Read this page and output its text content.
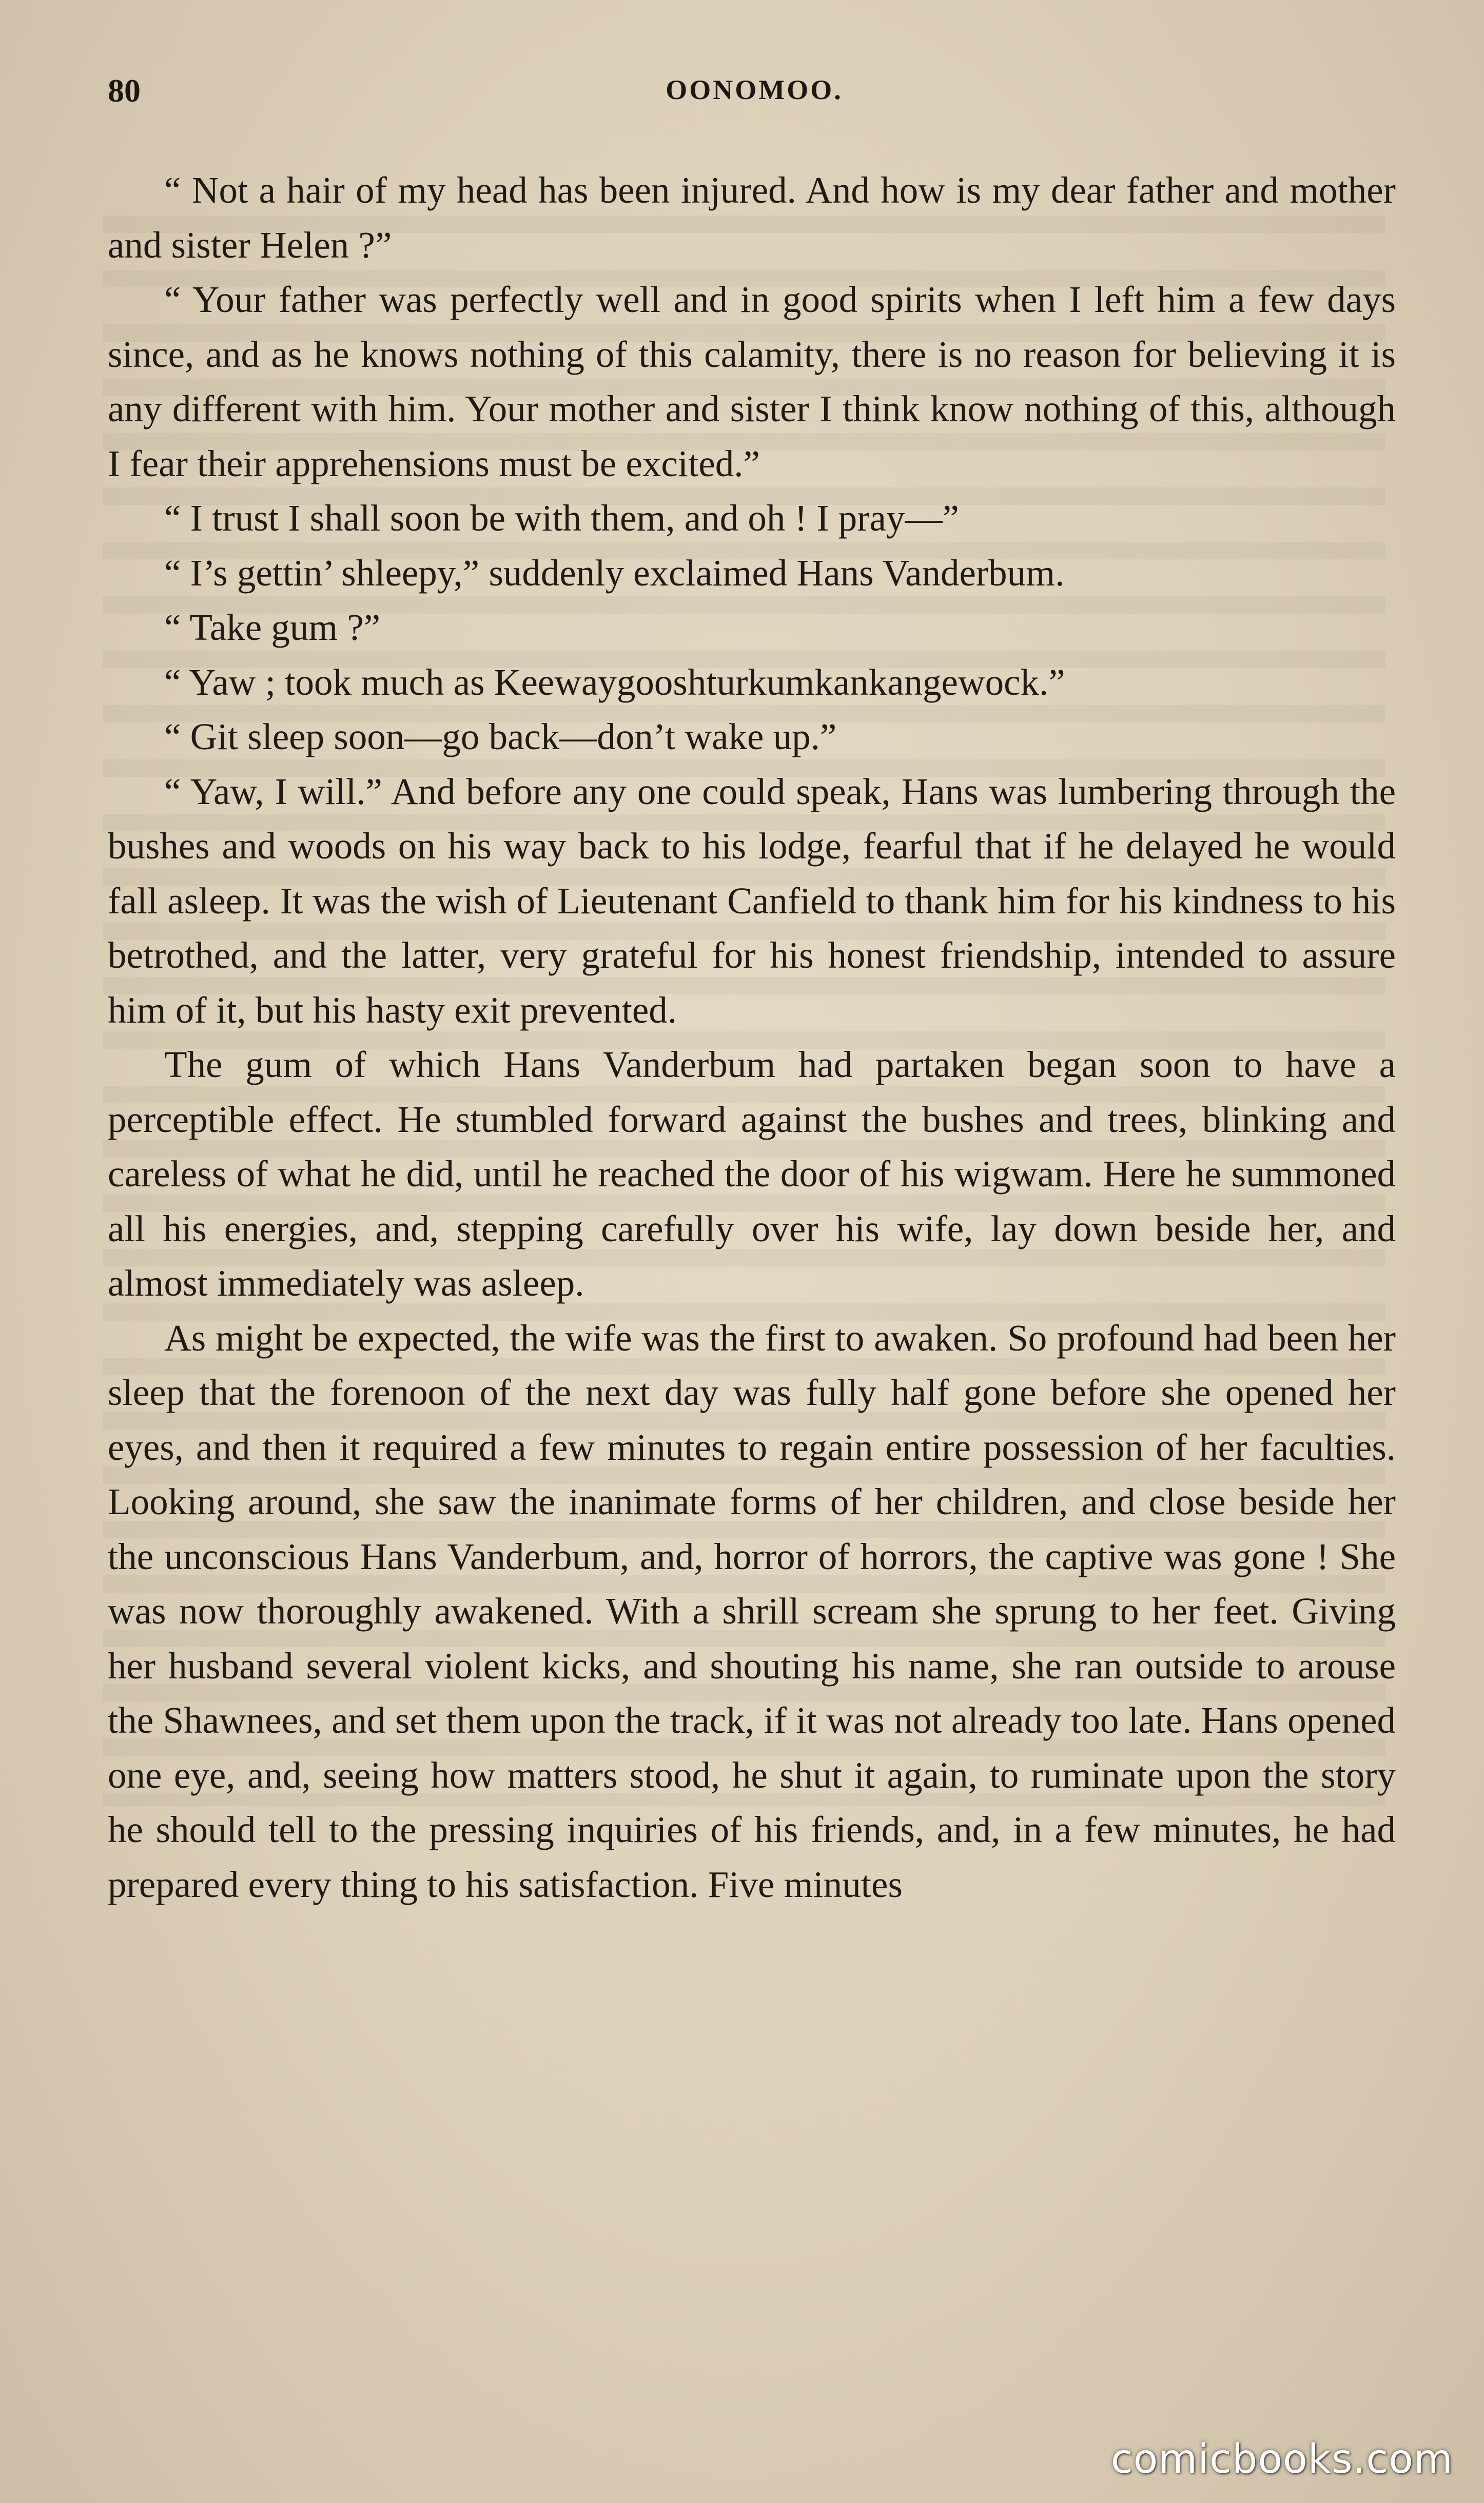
80	OONOMOO.

“ Not a hair of my head has been injured. And how is my dear father and mother and sister Helen ?”

“ Your father was perfectly well and in good spirits when I left him a few days since, and as he knows nothing of this calamity, there is no reason for believing it is any different with him. Your mother and sister I think know nothing of this, although I fear their apprehensions must be excited.”

“ I trust I shall soon be with them, and oh ! I pray—”

“ I’s gettin’ shleepy,” suddenly exclaimed Hans Vanderbum.

“ Take gum ?”

“ Yaw ; took much as Keewaygooshturkumkankangewock.”

“ Git sleep soon—go back—don’t wake up.”

“ Yaw, I will.” And before any one could speak, Hans was lumbering through the bushes and woods on his way back to his lodge, fearful that if he delayed he would fall asleep. It was the wish of Lieutenant Canfield to thank him for his kindness to his betrothed, and the latter, very grateful for his honest friendship, intended to assure him of it, but his hasty exit prevented.

The gum of which Hans Vanderbum had partaken began soon to have a perceptible effect. He stumbled forward against the bushes and trees, blinking and careless of what he did, until he reached the door of his wigwam. Here he summoned all his energies, and, stepping carefully over his wife, lay down beside her, and almost immediately was asleep.

As might be expected, the wife was the first to awaken. So profound had been her sleep that the forenoon of the next day was fully half gone before she opened her eyes, and then it required a few minutes to regain entire possession of her faculties. Looking around, she saw the inanimate forms of her children, and close beside her the unconscious Hans Vanderbum, and, horror of horrors, the captive was gone ! She was now thoroughly awakened. With a shrill scream she sprung to her feet. Giving her husband several violent kicks, and shouting his name, she ran outside to arouse the Shawnees, and set them upon the track, if it was not already too late. Hans opened one eye, and, seeing how matters stood, he shut it again, to ruminate upon the story he should tell to the pressing inquiries of his friends, and, in a few minutes, he had prepared every thing to his satisfaction. Five minutes

comicbooks.com
